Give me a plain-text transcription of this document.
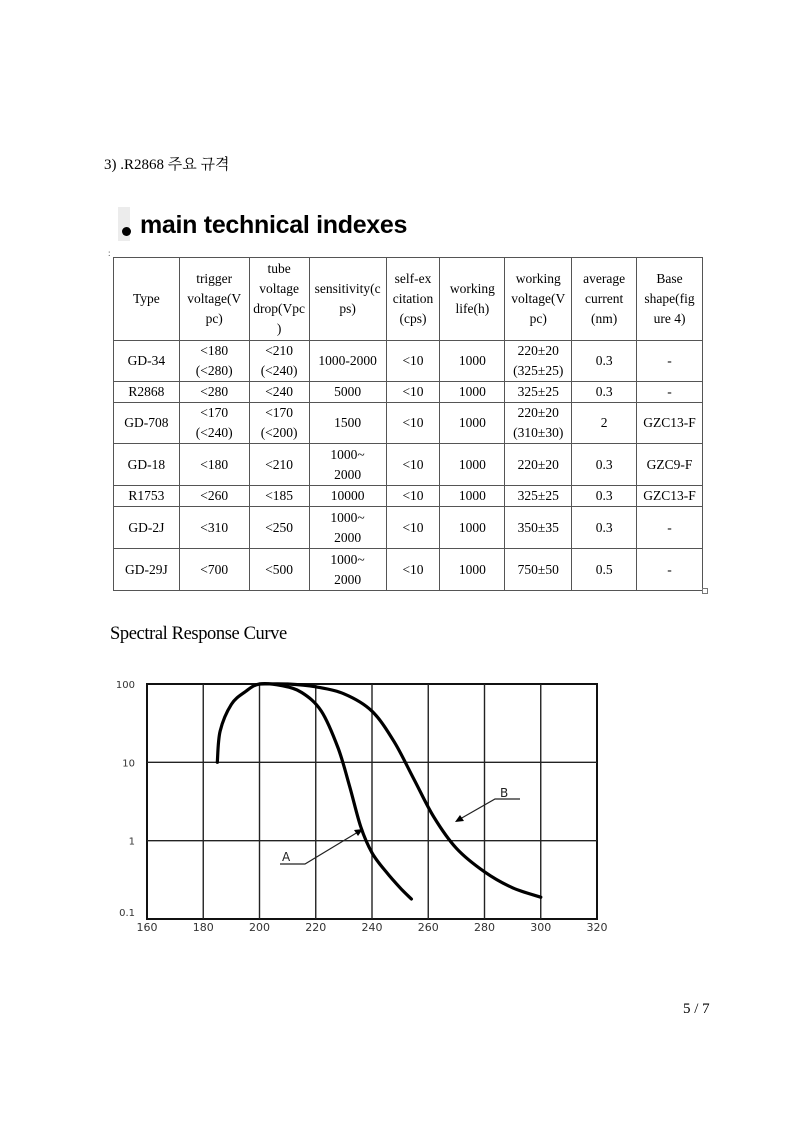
3) .R2868 주요 규격
main technical indexes
:
Type	trigger
voltage(V
pc)	tube
voltage
drop(Vpc
)	sensitivity(c
ps)	self-ex
citation
(cps)	working
life(h)	working
voltage(V
pc)	average
current
(nm)	Base
shape(fig
ure 4)
GD-34	<180
(<280)	<210
(<240)	1000-2000	<10	1000	220±20
(325±25)	0.3	-
R2868	<280	<240	5000	<10	1000	325±25	0.3	-
GD-708	<170
(<240)	<170
(<200)	1500	<10	1000	220±20
(310±30)	2	GZC13-F
GD-18	<180	<210	1000~
2000	<10	1000	220±20	0.3	GZC9-F
R1753	<260	<185	10000	<10	1000	325±25	0.3	GZC13-F
GD-2J	<310	<250	1000~
2000	<10	1000	350±35	0.3	-
GD-29J	<700	<500	1000~
2000	<10	1000	750±50	0.5	-
Spectral Response Curve
160	180	200	220	240	260	280	300	320
100
10
1
0.1
A
B
5 / 7
